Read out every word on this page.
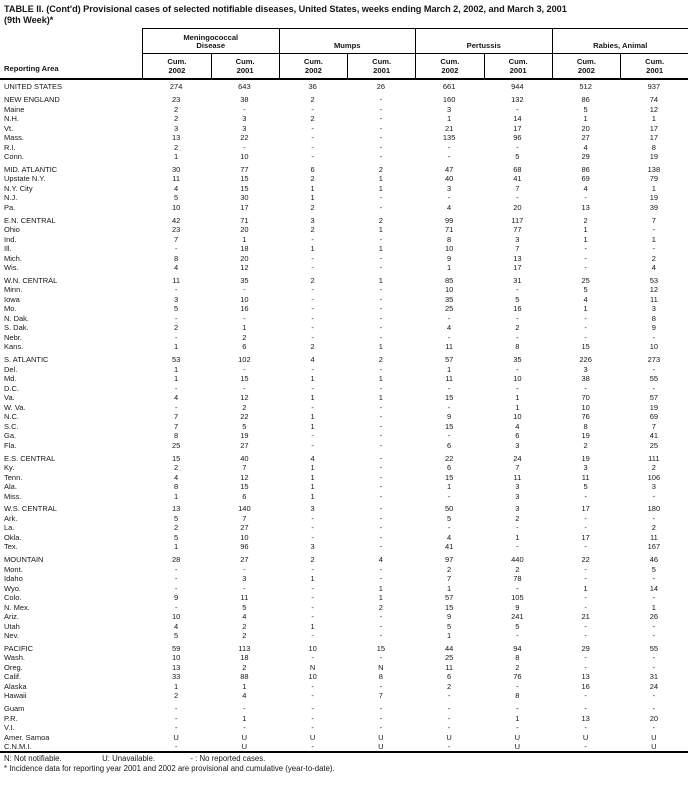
TABLE II. (Cont'd) Provisional cases of selected notifiable diseases, United States, weeks ending March 2, 2002, and March 3, 2001
(9th Week)*
Reporting Area
Meningococcal
Disease
Cum.
2002
Cum.
2001
Mumps
Cum.
2002
Cum.
2001
Pertussis
Cum.
2002
Cum.
2001
Rabies, Animal
Cum.
2002
Cum.
2001
UNITED STATES	274	643	36	26	661	944	512	937
NEW ENGLAND	23	38	2	-	160	132	86	74
Maine	2	-	-	-	3	-	5	12
N.H.	2	3	2	-	1	14	1	1
Vt.	3	3	-	-	21	17	20	17
Mass.	13	22	-	-	135	96	27	17
R.I.	2	-	-	-	-	-	4	8
Conn.	1	10	-	-	-	5	29	19
MID. ATLANTIC	30	77	6	2	47	68	86	138
Upstate N.Y.	11	15	2	1	40	41	69	79
N.Y. City	4	15	1	1	3	7	4	1
N.J.	5	30	1	-	-	-	-	19
Pa.	10	17	2	-	4	20	13	39
E.N. CENTRAL	42	71	3	2	99	117	2	7
Ohio	23	20	2	1	71	77	1	-
Ind.	7	1	-	-	8	3	1	1
Ill.	-	18	1	1	10	7	-	-
Mich.	8	20	-	-	9	13	-	2
Wis.	4	12	-	-	1	17	-	4
W.N. CENTRAL	11	35	2	1	85	31	25	53
Minn.	-	-	-	-	10	-	5	12
Iowa	3	10	-	-	35	5	4	11
Mo.	5	16	-	-	25	16	1	3
N. Dak.	-	-	-	-	-	-	-	8
S. Dak.	2	1	-	-	4	2	-	9
Nebr.	-	2	-	-	-	-	-	-
Kans.	1	6	2	1	11	8	15	10
S. ATLANTIC	53	102	4	2	57	35	226	273
Del.	1	-	-	-	1	-	3	-
Md.	1	15	1	1	11	10	38	55
D.C.	-	-	-	-	-	-	-	-
Va.	4	12	1	1	15	1	70	57
W. Va.	-	2	-	-	-	1	10	19
N.C.	7	22	1	-	9	10	76	69
S.C.	7	5	1	-	15	4	8	7
Ga.	8	19	-	-	-	6	19	41
Fla.	25	27	-	-	6	3	2	25
E.S. CENTRAL	15	40	4	-	22	24	19	111
Ky.	2	7	1	-	6	7	3	2
Tenn.	4	12	1	-	15	11	11	106
Ala.	8	15	1	-	1	3	5	3
Miss.	1	6	1	-	-	3	-	-
W.S. CENTRAL	13	140	3	-	50	3	17	180
Ark.	5	7	-	-	5	2	-	-
La.	2	27	-	-	-	-	-	2
Okla.	5	10	-	-	4	1	17	11
Tex.	1	96	3	-	41	-	-	167
MOUNTAIN	28	27	2	4	97	440	22	46
Mont.	-	-	-	-	2	2	-	5
Idaho	-	3	1	-	7	78	-	-
Wyo.	-	-	-	1	1	-	1	14
Colo.	9	11	-	1	57	105	-	-
N. Mex.	-	5	-	2	15	9	-	1
Ariz.	10	4	-	-	9	241	21	26
Utah	4	2	1	-	5	5	-	-
Nev.	5	2	-	-	1	-	-	-
PACIFIC	59	113	10	15	44	94	29	55
Wash.	10	18	-	-	25	8	-	-
Oreg.	13	2	N	N	11	2	-	-
Calif.	33	88	10	8	6	76	13	31
Alaska	1	1	-	-	2	-	16	24
Hawaii	2	4	-	7	-	8	-	-
Guam	-	-	-	-	-	-	-	-
P.R.	-	1	-	-	-	1	13	20
V.I.	-	-	-	-	-	-	-	-
Amer. Samoa	U	U	U	U	U	U	U	U
C.N.M.I.	-	U	-	U	-	U	-	U
N: Not notifiable.	U: Unavailable.	- : No reported cases.
* Incidence data for reporting year 2001 and 2002 are provisional and cumulative (year-to-date).
